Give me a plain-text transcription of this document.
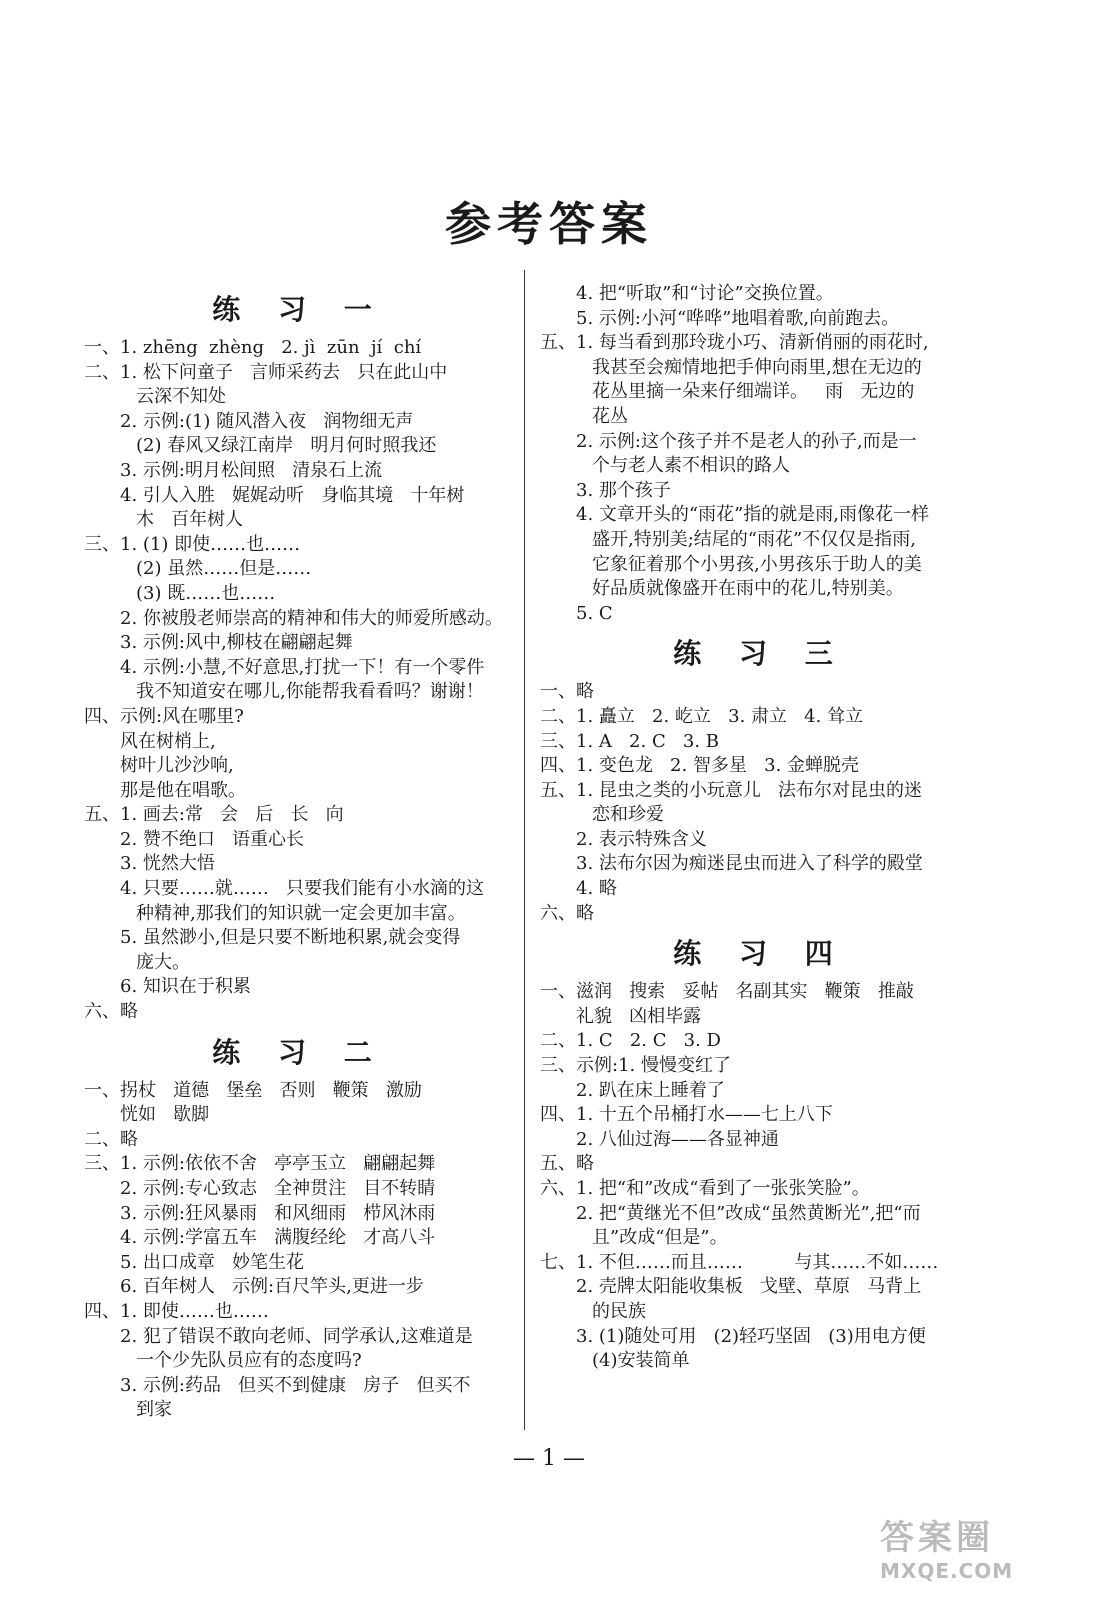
参考答案
练 习 一
一、1. zhēng  zhèng   2. jì  zūn  jí  chí
二、1. 松下问童子   言师采药去   只在此山中
云深不知处
2. 示例:(1) 随风潜入夜   润物细无声
(2) 春风又绿江南岸   明月何时照我还
3. 示例:明月松间照   清泉石上流
4. 引人入胜   娓娓动听   身临其境   十年树
木   百年树人
三、1. (1) 即使……也……
(2) 虽然……但是……
(3) 既……也……
2. 你被殷老师崇高的精神和伟大的师爱所感动。
3. 示例:风中,柳枝在翩翩起舞
4. 示例:小慧,不好意思,打扰一下！有一个零件
我不知道安在哪儿,你能帮我看看吗？谢谢！
四、示例:风在哪里?
风在树梢上,
树叶儿沙沙响,
那是他在唱歌。
五、1. 画去:常   会   后   长   向
2. 赞不绝口   语重心长
3. 恍然大悟
4. 只要……就……   只要我们能有小水滴的这
种精神,那我们的知识就一定会更加丰富。
5. 虽然渺小,但是只要不断地积累,就会变得
庞大。
6. 知识在于积累
六、略
练 习 二
一、拐杖   道德   堡垒   否则   鞭策   激励
恍如   歇脚
二、略
三、1. 示例:依依不舍   亭亭玉立   翩翩起舞
2. 示例:专心致志   全神贯注   目不转睛
3. 示例:狂风暴雨   和风细雨   栉风沐雨
4. 示例:学富五车   满腹经纶   才高八斗
5. 出口成章   妙笔生花
6. 百年树人   示例:百尺竿头,更进一步
四、1. 即使……也……
2. 犯了错误不敢向老师、同学承认,这难道是
一个少先队员应有的态度吗?
3. 示例:药品   但买不到健康   房子   但买不
到家
4. 把“听取”和“讨论”交换位置。
5. 示例:小河“哗哗”地唱着歌,向前跑去。
五、1. 每当看到那玲珑小巧、清新俏丽的雨花时,
我甚至会痴情地把手伸向雨里,想在无边的
花丛里摘一朵来仔细端详。   雨   无边的
花丛
2. 示例:这个孩子并不是老人的孙子,而是一
个与老人素不相识的路人
3. 那个孩子
4. 文章开头的“雨花”指的就是雨,雨像花一样
盛开,特别美;结尾的“雨花”不仅仅是指雨,
它象征着那个小男孩,小男孩乐于助人的美
好品质就像盛开在雨中的花儿,特别美。
5. C
练 习 三
一、略
二、1. 矗立   2. 屹立   3. 肃立   4. 耸立
三、1. A   2. C   3. B
四、1. 变色龙   2. 智多星   3. 金蝉脱壳
五、1. 昆虫之类的小玩意儿   法布尔对昆虫的迷
恋和珍爱
2. 表示特殊含义
3. 法布尔因为痴迷昆虫而进入了科学的殿堂
4. 略
六、略
练 习 四
一、滋润   搜索   妥帖   名副其实   鞭策   推敲
礼貌   凶相毕露
二、1. C   2. C   3. D
三、示例:1. 慢慢变红了
2. 趴在床上睡着了
四、1. 十五个吊桶打水——七上八下
2. 八仙过海——各显神通
五、略
六、1. 把“和”改成“看到了一张张笑脸”。
2. 把“黄继光不但”改成“虽然黄断光”,把“而
且”改成“但是”。
七、1. 不但……而且……         与其……不如……
2. 壳牌太阳能收集板   戈壁、草原   马背上
的民族
3. (1)随处可用   (2)轻巧坚固   (3)用电方便
(4)安装简单
— 1 —
答案圈
MXQE.COM
